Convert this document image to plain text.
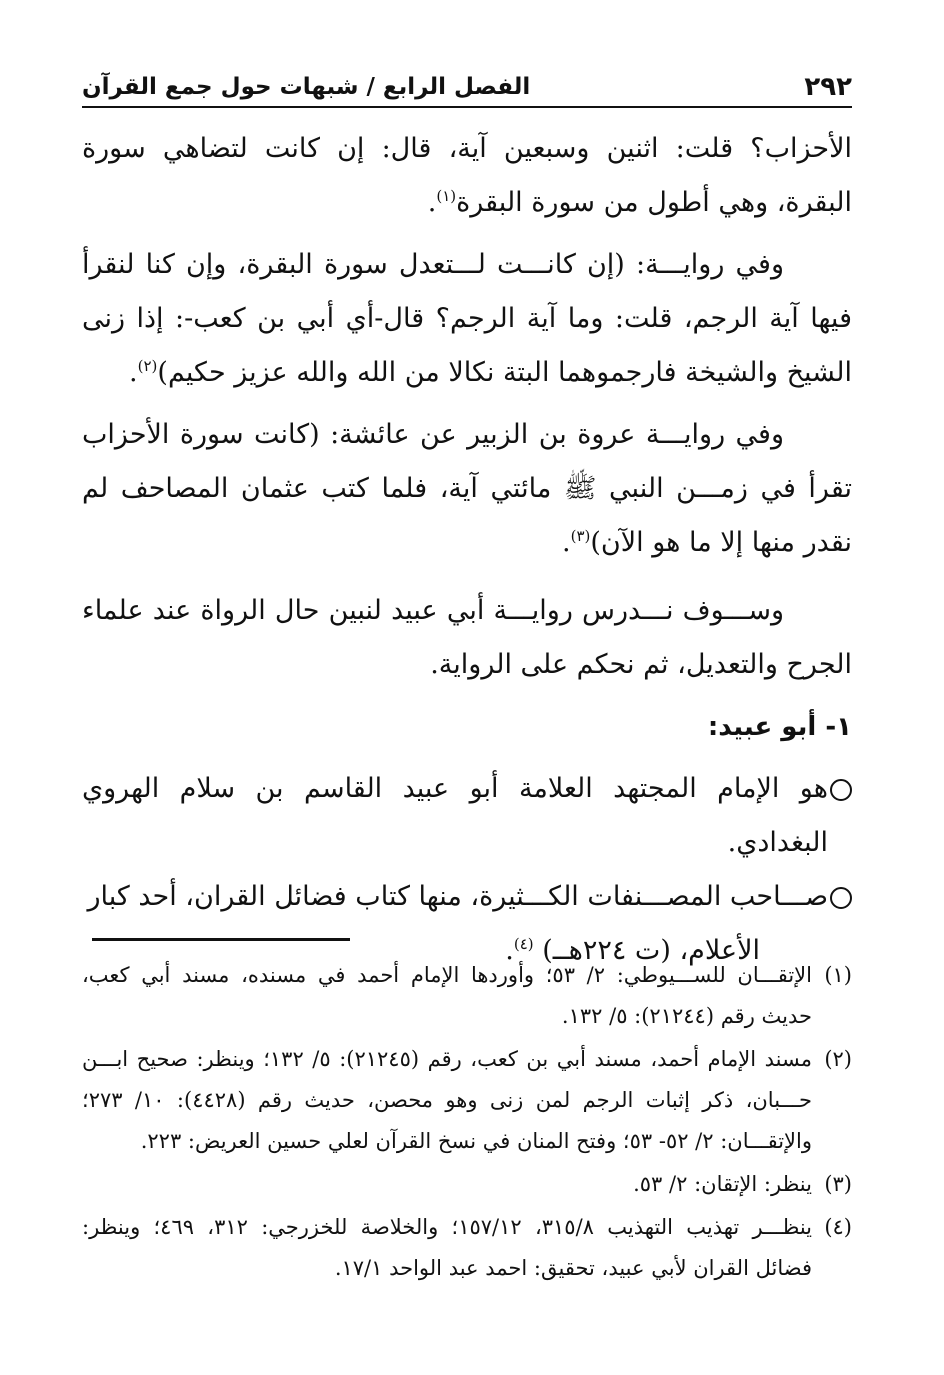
٢٩٢
الفصل الرابع / شبهات حول جمع القرآن

الأحزاب؟ قلت: اثنين وسبعين آية، قال: إن كانت لتضاهي سورة البقرة، وهي أطول من سورة البقرة$^{(١)}$.

وفي روايـــة: (إن كانـــت لـــتعدل سورة البقرة، وإن كنا لنقرأ فيها آية الرجم، قلت: وما آية الرجم؟ قال-أي أبي بن كعب-: إذا زنى الشيخ والشيخة فارجموهما البتة نكالا من الله والله عزيز حكيم)$^{(٢)}$.

وفي روايـــة عروة بن الزبير عن عائشة: (كانت سورة الأحزاب تقرأ في زمـــن النبي ﷺ مائتي آية، فلما كتب عثمان المصاحف لم نقدر منها إلا ما هو الآن)$^{(٣)}$.

وســـوف نـــدرس روايـــة أبي عبيد لنبين حال الرواة عند علماء الجرح والتعديل، ثم نحكم على الرواية.

١- أبو عبيد:

هو الإمام المجتهد العلامة أبو عبيد القاسم بن سلام الهروي البغدادي.
صـــاحب المصـــنفات الكـــثيرة، منها كتاب فضائل القران، أحد كبار
الأعلام، (ت ٢٢٤هــ) $^{(٤)}$.
(١)
الإتقـــان للســـيوطي: ٢/ ٥٣؛ وأوردها الإمام أحمد في مسنده، مسند أبي كعب، حديث رقم (٢١٢٤٤): ٥/ ١٣٢.
(٢)
مسند الإمام أحمد، مسند أبي بن كعب، رقم (٢١٢٤٥): ٥/ ١٣٢؛ وينظر: صحيح ابـــن حـــبان، ذكر إثبات الرجم لمن زنى وهو محصن، حديث رقم (٤٤٢٨): ١٠/ ٢٧٣؛ والإتقـــان: ٢/ ٥٢- ٥٣؛ وفتح المنان في نسخ القرآن لعلي حسين العريض: ٢٢٣.
(٣)
ينظر: الإتقان: ٢/ ٥٣.
(٤)
ينظـــر تهذيب التهذيب ٣١٥/٨، ١٥٧/١٢؛ والخلاصة للخزرجي: ٣١٢، ٤٦٩؛ وينظر: فضائل القران لأبي عبيد، تحقيق: احمد عبد الواحد ١٧/١.
